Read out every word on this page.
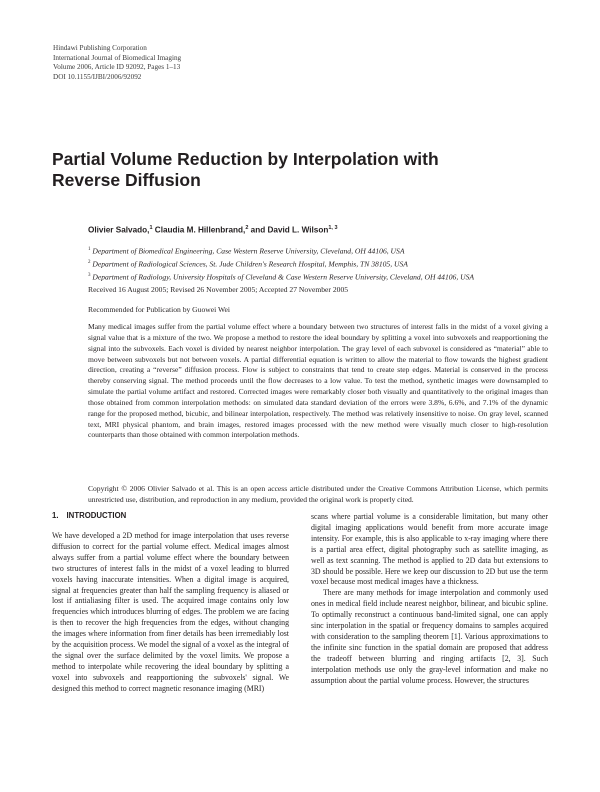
Hindawi Publishing Corporation
International Journal of Biomedical Imaging
Volume 2006, Article ID 92092, Pages 1–13
DOI 10.1155/IJBI/2006/92092
Partial Volume Reduction by Interpolation with
Reverse Diffusion
Olivier Salvado,$^1$ Claudia M. Hillenbrand,$^2$ and David L. Wilson$^{1, 3}$
$^1$ Department of Biomedical Engineering, Case Western Reserve University, Cleveland, OH 44106, USA
$^2$ Department of Radiological Sciences, St. Jude Children's Research Hospital, Memphis, TN 38105, USA
$^3$ Department of Radiology, University Hospitals of Cleveland & Case Western Reserve University, Cleveland, OH 44106, USA
Received 16 August 2005; Revised 26 November 2005; Accepted 27 November 2005
Recommended for Publication by Guowei Wei
Many medical images suffer from the partial volume effect where a boundary between two structures of interest falls in the midst of a voxel giving a signal value that is a mixture of the two. We propose a method to restore the ideal boundary by splitting a voxel into subvoxels and reapportioning the signal into the subvoxels. Each voxel is divided by nearest neighbor interpolation. The gray level of each subvoxel is considered as “material” able to move between subvoxels but not between voxels. A partial differential equation is written to allow the material to flow towards the highest gradient direction, creating a “reverse” diffusion process. Flow is subject to constraints that tend to create step edges. Material is conserved in the process thereby conserving signal. The method proceeds until the flow decreases to a low value. To test the method, synthetic images were downsampled to simulate the partial volume artifact and restored. Corrected images were remarkably closer both visually and quantitatively to the original images than those obtained from common interpolation methods: on simulated data standard deviation of the errors were 3.8%, 6.6%, and 7.1% of the dynamic range for the proposed method, bicubic, and bilinear interpolation, respectively. The method was relatively insensitive to noise. On gray level, scanned text, MRI physical phantom, and brain images, restored images processed with the new method were visually much closer to high-resolution counterparts than those obtained with common interpolation methods.
Copyright © 2006 Olivier Salvado et al. This is an open access article distributed under the Creative Commons Attribution License, which permits unrestricted use, distribution, and reproduction in any medium, provided the original work is properly cited.
1. INTRODUCTION
We have developed a 2D method for image interpolation that uses reverse diffusion to correct for the partial volume effect. Medical images almost always suffer from a partial volume effect where the boundary between two structures of interest falls in the midst of a voxel leading to blurred voxels having inaccurate intensities. When a digital image is acquired, signal at frequencies greater than half the sampling frequency is aliased or lost if antialiasing filter is used. The acquired image contains only low frequencies which introduces blurring of edges. The problem we are facing is then to recover the high frequencies from the edges, without changing the images where information from finer details has been irremediably lost by the acquisition process. We model the signal of a voxel as the integral of the signal over the surface delimited by the voxel limits. We propose a method to interpolate while recovering the ideal boundary by splitting a voxel into subvoxels and reapportioning the subvoxels' signal. We designed this method to correct magnetic resonance imaging (MRI)
scans where partial volume is a considerable limitation, but many other digital imaging applications would benefit from more accurate image intensity. For example, this is also applicable to x-ray imaging where there is a partial area effect, digital photography such as satellite imaging, as well as text scanning. The method is applied to 2D data but extensions to 3D should be possible. Here we keep our discussion to 2D but use the term voxel because most medical images have a thickness.
There are many methods for image interpolation and commonly used ones in medical field include nearest neighbor, bilinear, and bicubic spline. To optimally reconstruct a continuous band-limited signal, one can apply sinc interpolation in the spatial or frequency domains to samples acquired with consideration to the sampling theorem [1]. Various approximations to the infinite sinc function in the spatial domain are proposed that address the tradeoff between blurring and ringing artifacts [2, 3]. Such interpolation methods use only the gray-level information and make no assumption about the partial volume process. However, the structures
